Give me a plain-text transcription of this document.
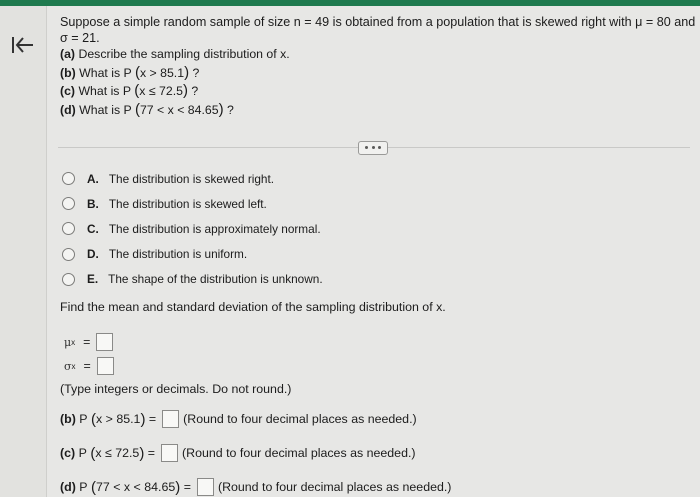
Suppose a simple random sample of size n = 49 is obtained from a population that is skewed right with μ = 80 and

σ = 21.

(a) Describe the sampling distribution of x.

(b) What is P (x > 85.1) ?

(c) What is P (x ≤ 72.5) ?

(d) What is P (77 < x < 84.65) ?

A. The distribution is skewed right.
B. The distribution is skewed left.
C. The distribution is approximately normal.
D. The distribution is uniform.
E. The shape of the distribution is unknown.
Find the mean and standard deviation of the sampling distribution of x.
μ x =
σ x =
(Type integers or decimals. Do not round.)
(b)
P
( x > 85.1 )
= (Round to four decimal places as needed.)
(c)
P
( x ≤ 72.5 )
= (Round to four decimal places as needed.)
(d)
P
( 77 < x < 84.65 )
= (Round to four decimal places as needed.)
